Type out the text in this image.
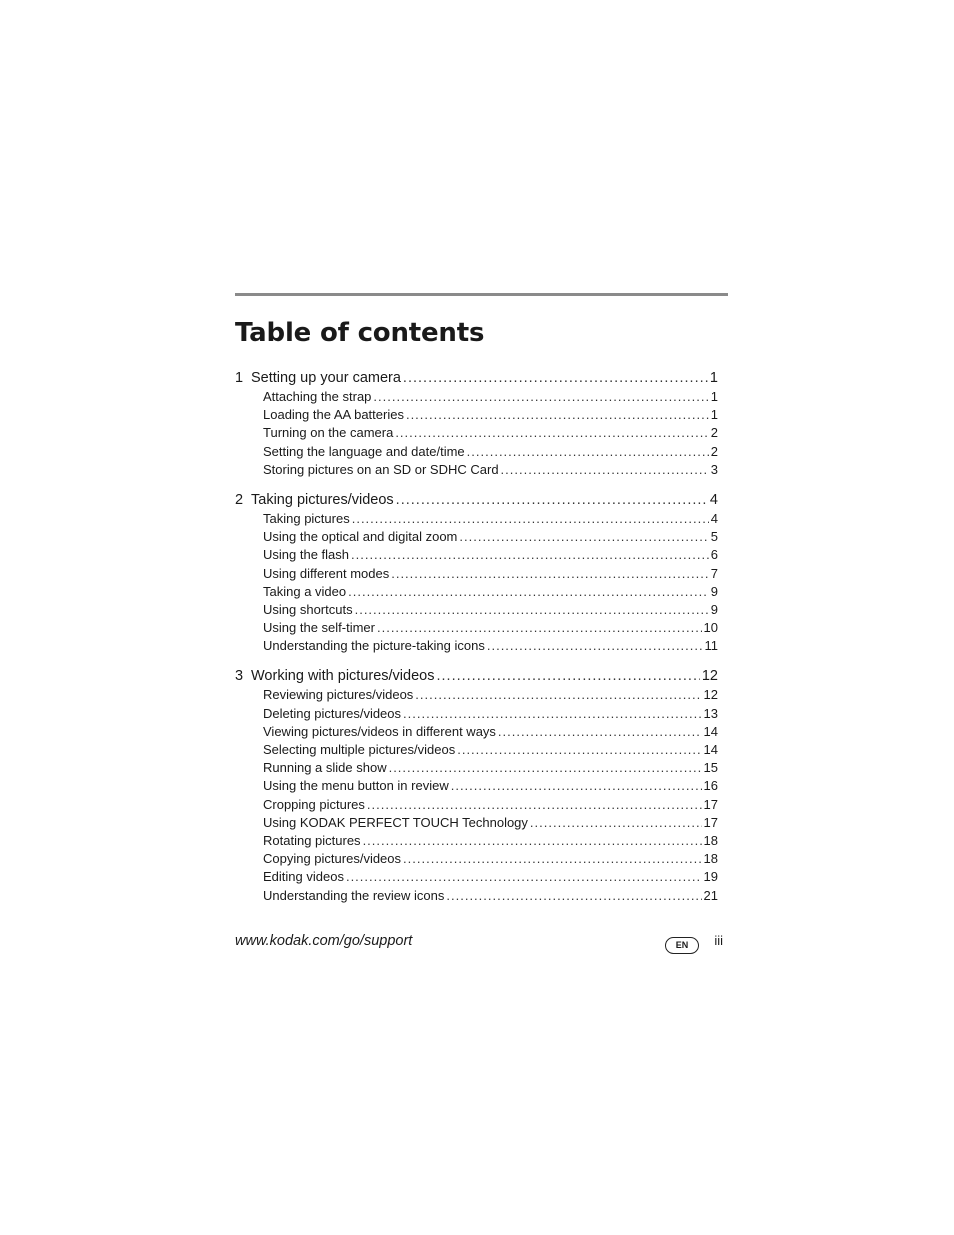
Table of contents
1 Setting up your camera .....	1
Attaching the strap .....	1
Loading the AA batteries .....	1
Turning on the camera .....	2
Setting the language and date/time .....	2
Storing pictures on an SD or SDHC Card .....	3
2 Taking pictures/videos .....	4
Taking pictures .....	4
Using the optical and digital zoom .....	5
Using the flash .....	6
Using different modes .....	7
Taking a video .....	9
Using shortcuts .....	9
Using the self-timer .....	10
Understanding the picture-taking icons .....	11
3 Working with pictures/videos .....	12
Reviewing pictures/videos .....	12
Deleting pictures/videos .....	13
Viewing pictures/videos in different ways .....	14
Selecting multiple pictures/videos .....	14
Running a slide show .....	15
Using the menu button in review .....	16
Cropping pictures .....	17
Using KODAK PERFECT TOUCH Technology .....	17
Rotating pictures .....	18
Copying pictures/videos .....	18
Editing videos .....	19
Understanding the review icons .....	21
www.kodak.com/go/support	EN	iii
